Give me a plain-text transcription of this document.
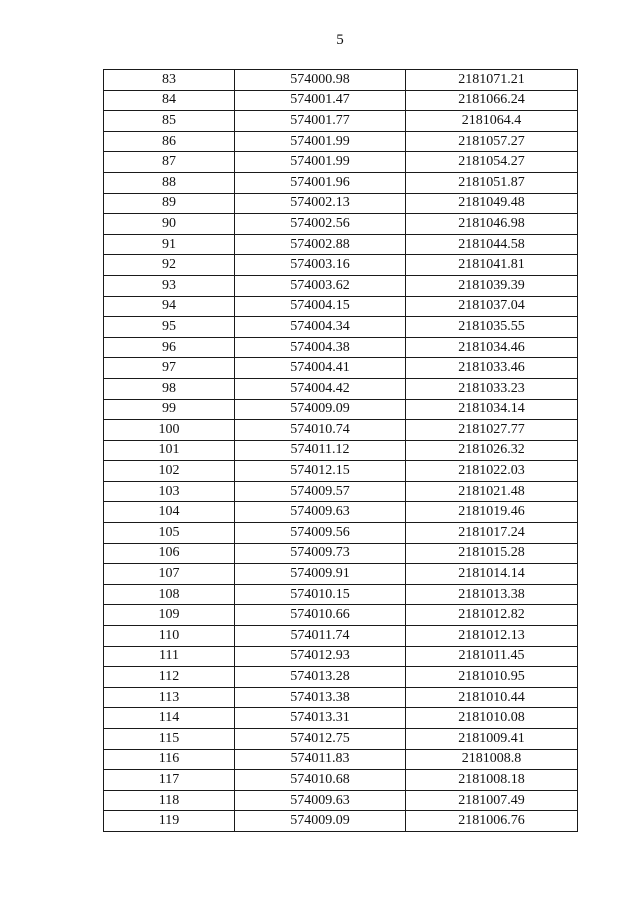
5
83	574000.98	2181071.21
84	574001.47	2181066.24
85	574001.77	2181064.4
86	574001.99	2181057.27
87	574001.99	2181054.27
88	574001.96	2181051.87
89	574002.13	2181049.48
90	574002.56	2181046.98
91	574002.88	2181044.58
92	574003.16	2181041.81
93	574003.62	2181039.39
94	574004.15	2181037.04
95	574004.34	2181035.55
96	574004.38	2181034.46
97	574004.41	2181033.46
98	574004.42	2181033.23
99	574009.09	2181034.14
100	574010.74	2181027.77
101	574011.12	2181026.32
102	574012.15	2181022.03
103	574009.57	2181021.48
104	574009.63	2181019.46
105	574009.56	2181017.24
106	574009.73	2181015.28
107	574009.91	2181014.14
108	574010.15	2181013.38
109	574010.66	2181012.82
110	574011.74	2181012.13
111	574012.93	2181011.45
112	574013.28	2181010.95
113	574013.38	2181010.44
114	574013.31	2181010.08
115	574012.75	2181009.41
116	574011.83	2181008.8
117	574010.68	2181008.18
118	574009.63	2181007.49
119	574009.09	2181006.76
